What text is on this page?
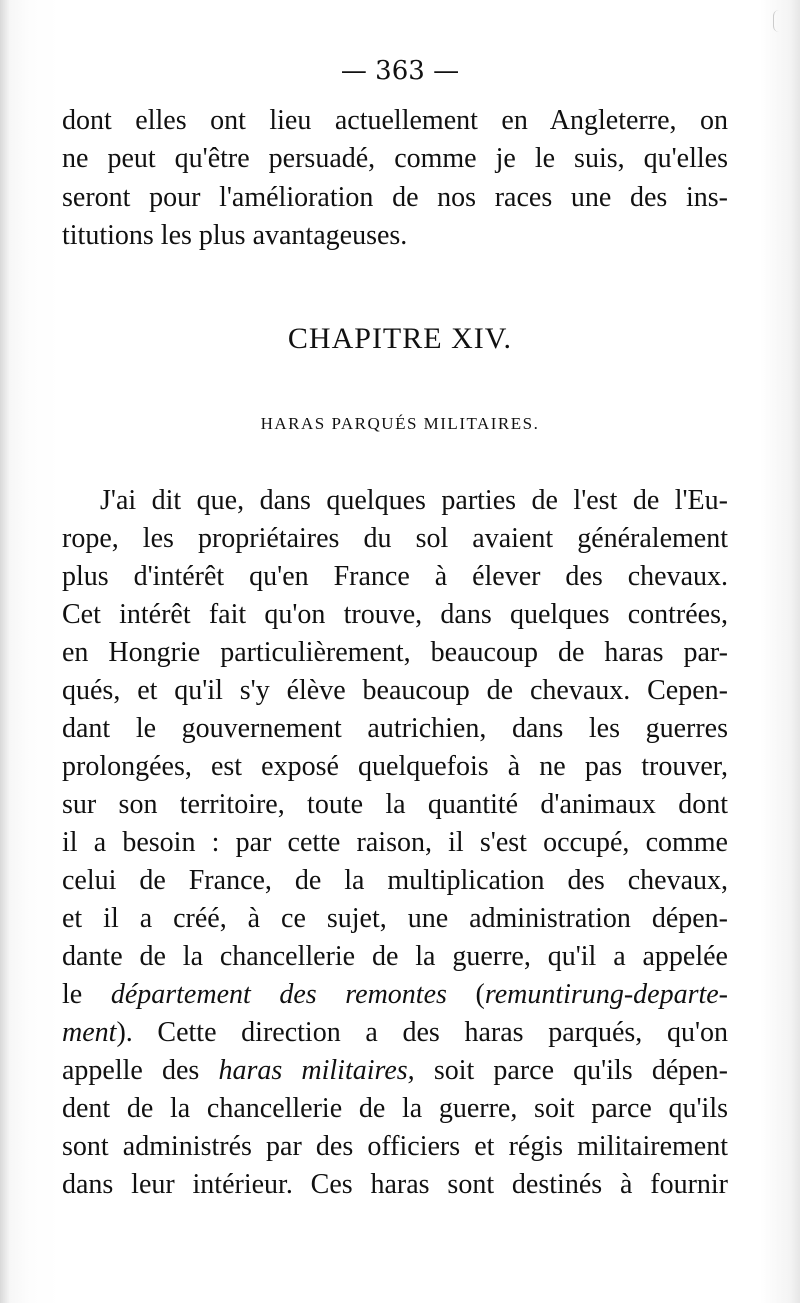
— 363 —
dont elles ont lieu actuellement en Angleterre, on
ne peut qu'être persuadé, comme je le suis, qu'elles
seront pour l'amélioration de nos races une des ins-
titutions les plus avantageuses.
CHAPITRE XIV.
HARAS PARQUÉS MILITAIRES.
J'ai dit que, dans quelques parties de l'est de l'Eu-
rope, les propriétaires du sol avaient généralement
plus d'intérêt qu'en France à élever des chevaux.
Cet intérêt fait qu'on trouve, dans quelques contrées,
en Hongrie particulièrement, beaucoup de haras par-
qués, et qu'il s'y élève beaucoup de chevaux. Cepen-
dant le gouvernement autrichien, dans les guerres
prolongées, est exposé quelquefois à ne pas trouver,
sur son territoire, toute la quantité d'animaux dont
il a besoin : par cette raison, il s'est occupé, comme
celui de France, de la multiplication des chevaux,
et il a créé, à ce sujet, une administration dépen-
dante de la chancellerie de la guerre, qu'il a appelée
le département des remontes (remuntirung-departe-
ment). Cette direction a des haras parqués, qu'on
appelle des haras militaires, soit parce qu'ils dépen-
dent de la chancellerie de la guerre, soit parce qu'ils
sont administrés par des officiers et régis militairement
dans leur intérieur. Ces haras sont destinés à fournir
